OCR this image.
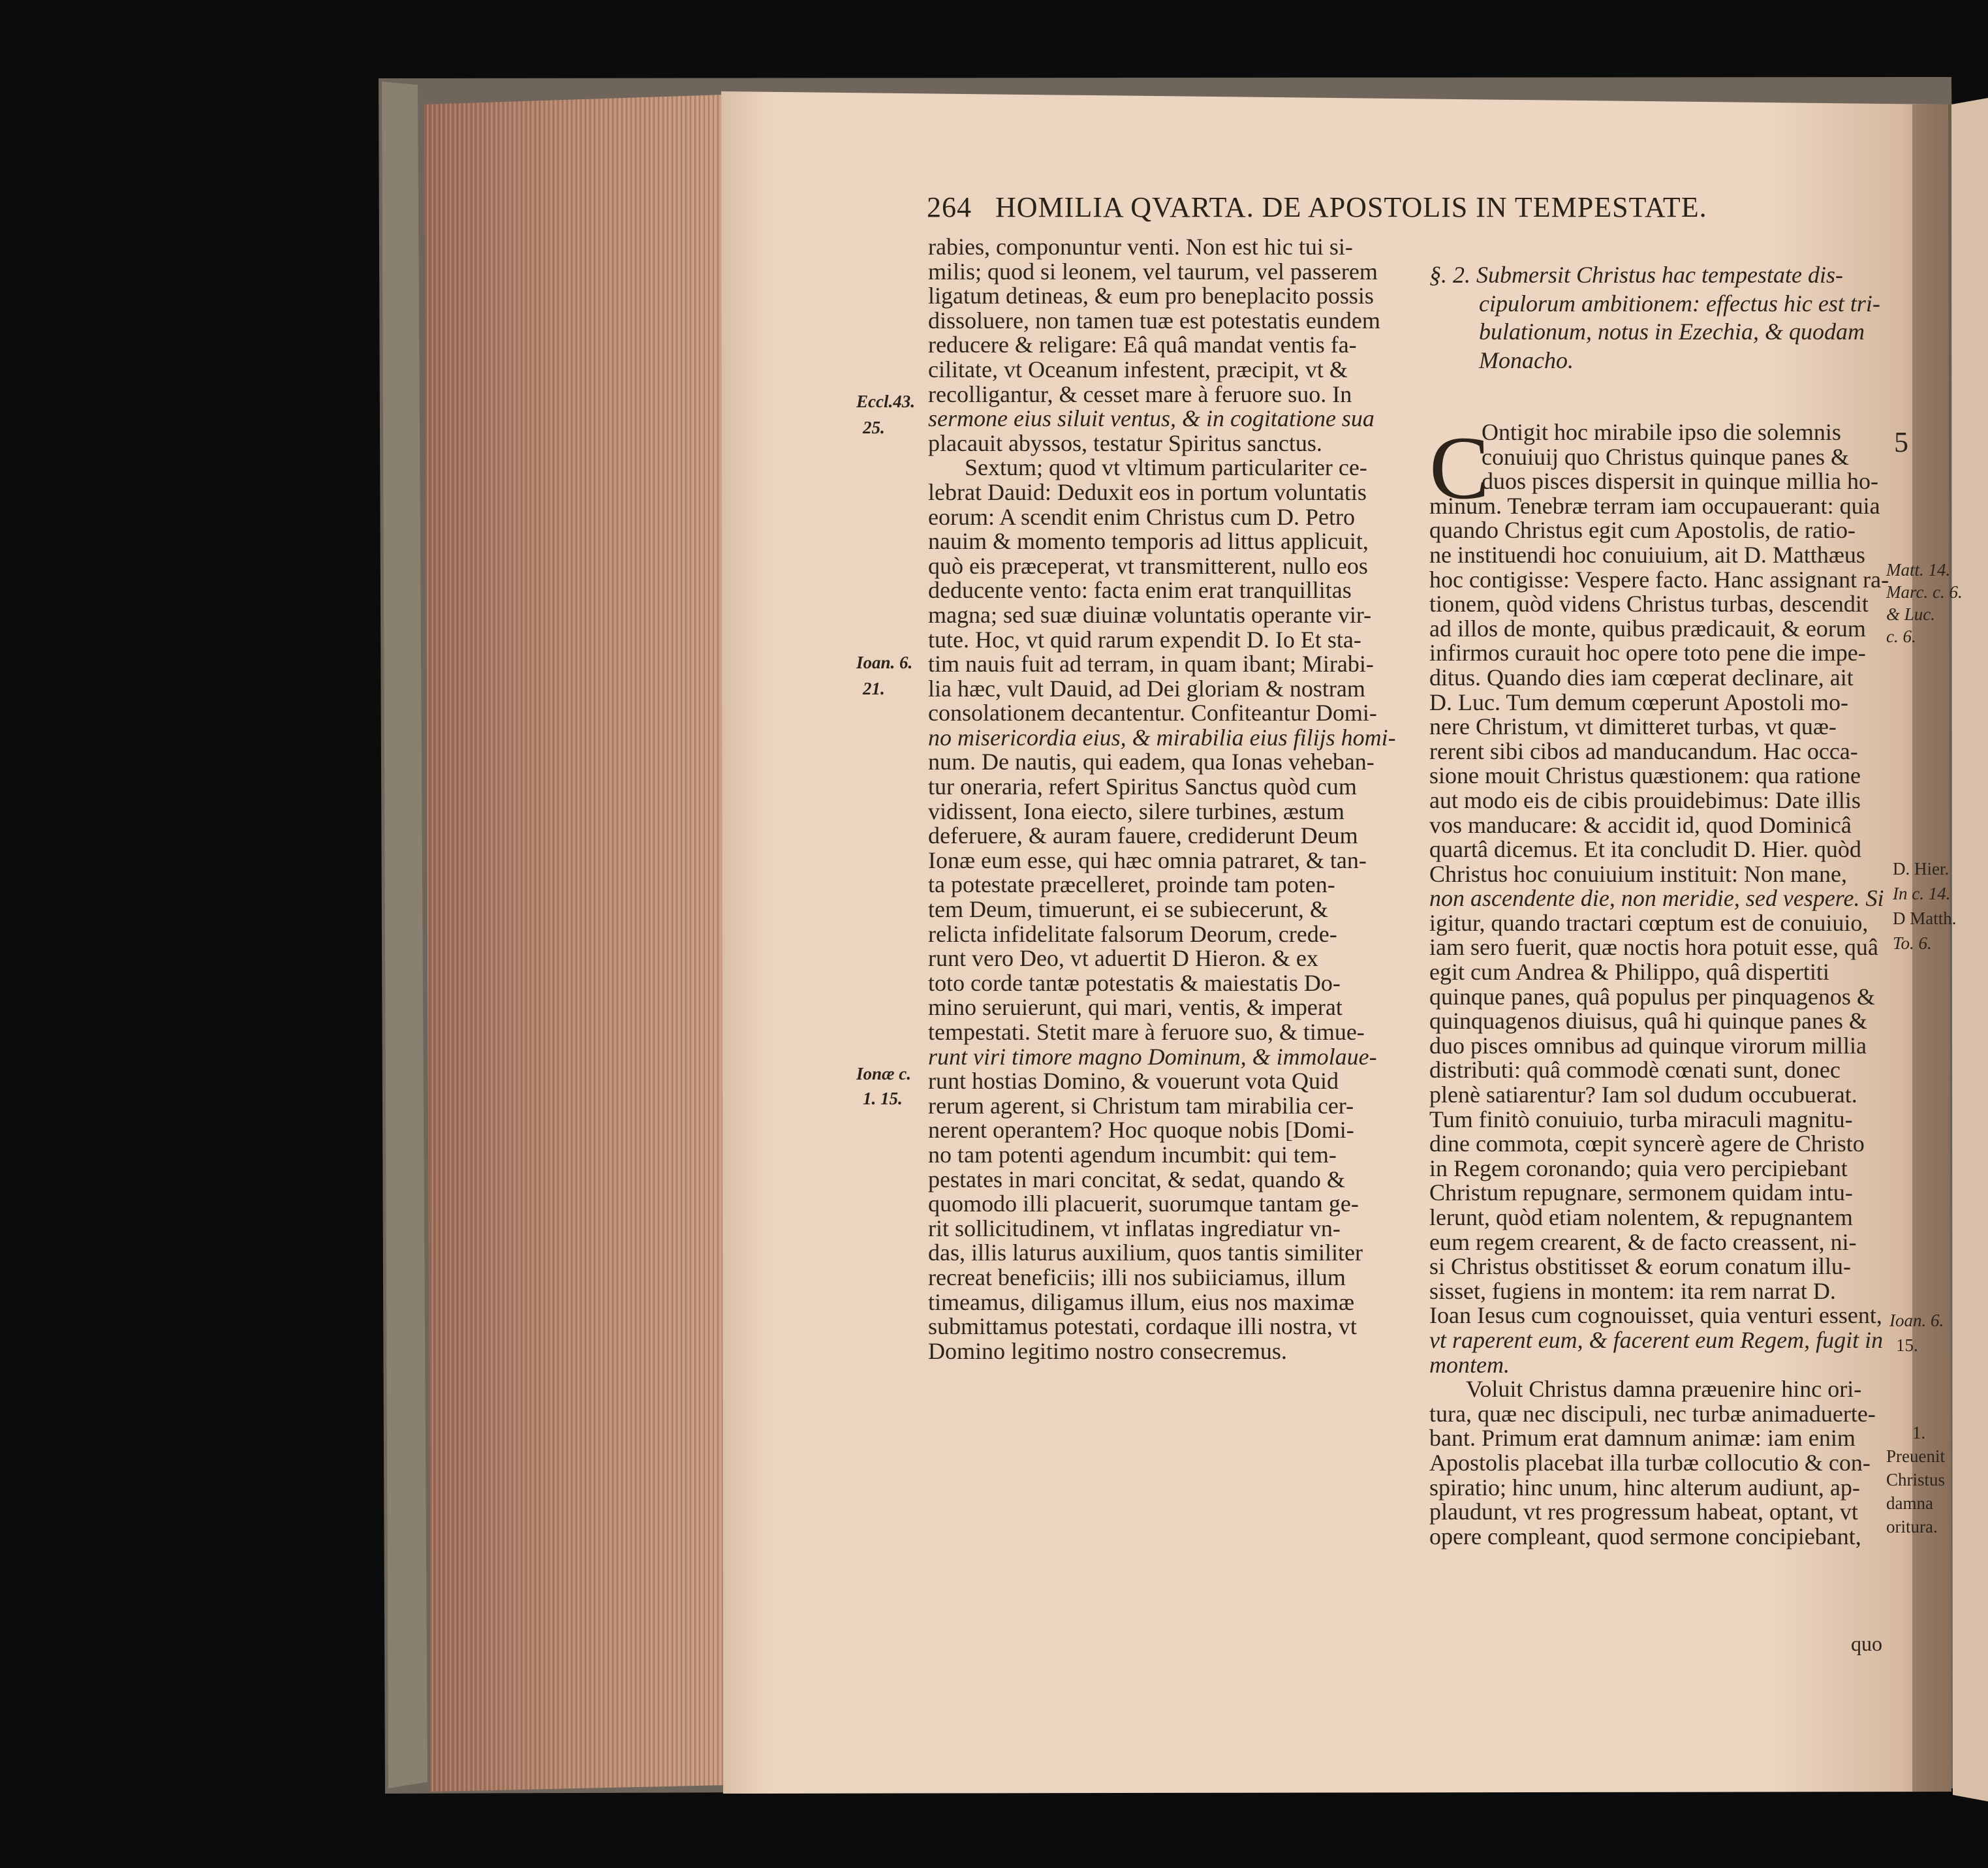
264 HOMILIA QVARTA. DE APOSTOLIS IN TEMPESTATE.
rabies, componuntur venti. Non est hic tui si-
milis; quod si leonem, vel taurum, vel passerem
ligatum detineas, & eum pro beneplacito possis
dissoluere, non tamen tuæ est potestatis eundem
reducere & religare: Eâ quâ mandat ventis fa-
cilitate, vt Oceanum infestent, præcipit, vt &
recolligantur, & cesset mare à feruore suo. In
sermone eius siluit ventus, & in cogitatione sua
placauit abyssos, testatur Spiritus sanctus.
Sextum; quod vt vltimum particulariter ce-
lebrat Dauid: Deduxit eos in portum voluntatis
eorum: A scendit enim Christus cum D. Petro
nauim & momento temporis ad littus applicuit,
quò eis præceperat, vt transmitterent, nullo eos
deducente vento: facta enim erat tranquillitas
magna; sed suæ diuinæ voluntatis operante vir-
tute. Hoc, vt quid rarum expendit D. Io Et sta-
tim nauis fuit ad terram, in quam ibant; Mirabi-
lia hæc, vult Dauid, ad Dei gloriam & nostram
consolationem decantentur. Confiteantur Domi-
no misericordia eius, & mirabilia eius filijs homi-
num. De nautis, qui eadem, qua Ionas veheban-
tur oneraria, refert Spiritus Sanctus quòd cum
vidissent, Iona eiecto, silere turbines, æstum
deferuere, & auram fauere, crediderunt Deum
Ionæ eum esse, qui hæc omnia patraret, & tan-
ta potestate præcelleret, proinde tam poten-
tem Deum, timuerunt, ei se subiecerunt, &
relicta infidelitate falsorum Deorum, crede-
runt vero Deo, vt aduertit D Hieron. & ex
toto corde tantæ potestatis & maiestatis Do-
mino seruierunt, qui mari, ventis, & imperat
tempestati. Stetit mare à feruore suo, & timue-
runt viri timore magno Dominum, & immolaue-
runt hostias Domino, & vouerunt vota Quid
rerum agerent, si Christum tam mirabilia cer-
nerent operantem? Hoc quoque nobis [Domi-
no tam potenti agendum incumbit: qui tem-
pestates in mari concitat, & sedat, quando &
quomodo illi placuerit, suorumque tantam ge-
rit sollicitudinem, vt inflatas ingrediatur vn-
das, illis laturus auxilium, quos tantis similiter
recreat beneficiis; illi nos subiiciamus, illum
timeamus, diligamus illum, eius nos maximæ
submittamus potestati, cordaque illi nostra, vt
Domino legitimo nostro consecremus.
Eccl.43.
25.
Ioan. 6.
21.
Ionæ c.
1. 15.
§. 2. Submersit Christus hac tempestate dis-
cipulorum ambitionem: effectus hic est tri-
bulationum, notus in Ezechia, & quodam
Monacho.
C
Ontigit hoc mirabile ipso die solemnis
conuiuij quo Christus quinque panes &
duos pisces dispersit in quinque millia ho-
minum. Tenebræ terram iam occupauerant: quia
quando Christus egit cum Apostolis, de ratio-
ne instituendi hoc conuiuium, ait D. Matthæus
hoc contigisse: Vespere facto. Hanc assignant ra-
tionem, quòd videns Christus turbas, descendit
ad illos de monte, quibus prædicauit, & eorum
infirmos curauit hoc opere toto pene die impe-
ditus. Quando dies iam cœperat declinare, ait
D. Luc. Tum demum cœperunt Apostoli mo-
nere Christum, vt dimitteret turbas, vt quæ-
rerent sibi cibos ad manducandum. Hac occa-
sione mouit Christus quæstionem: qua ratione
aut modo eis de cibis prouidebimus: Date illis
vos manducare: & accidit id, quod Dominicâ
quartâ dicemus. Et ita concludit D. Hier. quòd
Christus hoc conuiuium instituit: Non mane,
non ascendente die, non meridie, sed vespere. Si
igitur, quando tractari cœptum est de conuiuio,
iam sero fuerit, quæ noctis hora potuit esse, quâ
egit cum Andrea & Philippo, quâ dispertiti
quinque panes, quâ populus per pinquagenos &
quinquagenos diuisus, quâ hi quinque panes &
duo pisces omnibus ad quinque virorum millia
distributi: quâ commodè cœnati sunt, donec
plenè satiarentur? Iam sol dudum occubuerat.
Tum finitò conuiuio, turba miraculi magnitu-
dine commota, cœpit syncerè agere de Christo
in Regem coronando; quia vero percipiebant
Christum repugnare, sermonem quidam intu-
lerunt, quòd etiam nolentem, & repugnantem
eum regem crearent, & de facto creassent, ni-
si Christus obstitisset & eorum conatum illu-
sisset, fugiens in montem: ita rem narrat D.
Ioan Iesus cum cognouisset, quia venturi essent,
vt raperent eum, & facerent eum Regem, fugit in
montem.
Voluit Christus damna præuenire hinc ori-
tura, quæ nec discipuli, nec turbæ animaduerte-
bant. Primum erat damnum animæ: iam enim
Apostolis placebat illa turbæ collocutio & con-
spiratio; hinc unum, hinc alterum audiunt, ap-
plaudunt, vt res progressum habeat, optant, vt
opere compleant, quod sermone concipiebant,
quo
5
Matt. 14.
Marc. c. 6.
& Luc.
c. 6.
D. Hier.
In c. 14.
D Matth.
To. 6.
Ioan. 6.
15.
1.
Preuenit
Christus
damna
oritura.
